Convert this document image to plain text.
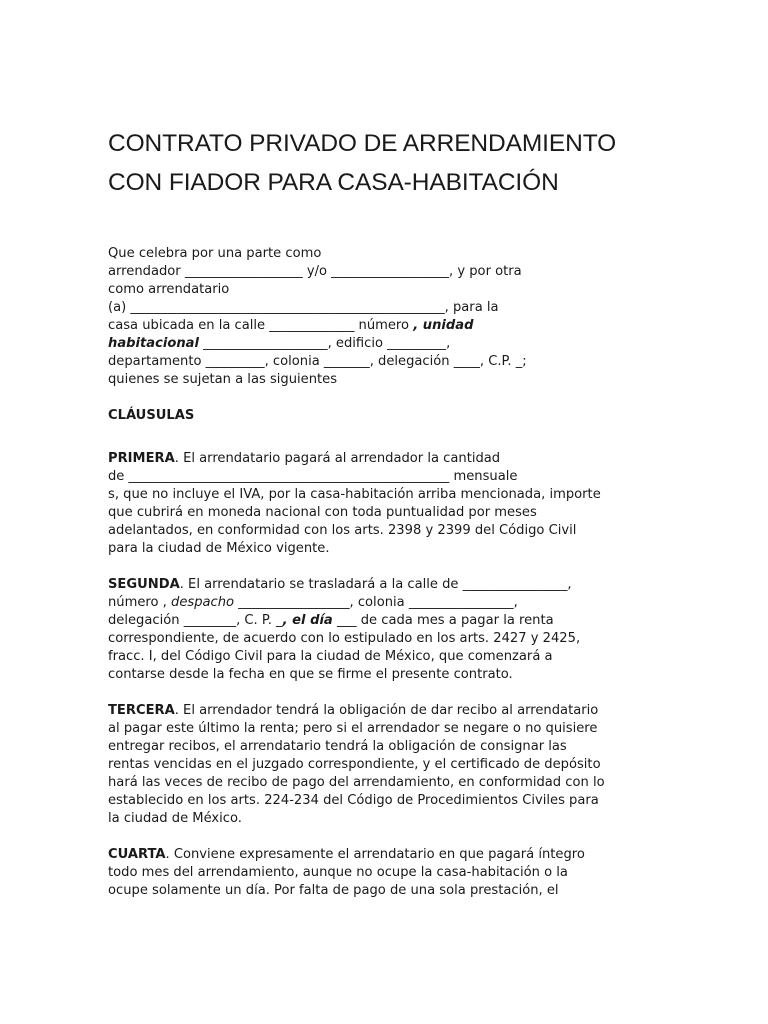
CONTRATO PRIVADO DE ARRENDAMIENTO
CON FIADOR PARA CASA-HABITACIÓN
Que celebra por una parte como
arrendador __________________ y/o __________________, y por otra
como arrendatario
(a) ________________________________________________, para la
casa ubicada en la calle _____________ número , unidad
habitacional ___________________, edificio _________,
departamento _________, colonia _______, delegación ____, C.P. _;
quienes se sujetan a las siguientes
CLÁUSULAS
PRIMERA. El arrendatario pagará al arrendador la cantidad
de _________________________________________________ mensuale
s, que no incluye el IVA, por la casa-habitación arriba mencionada, importe
que cubrirá en moneda nacional con toda puntualidad por meses
adelantados, en conformidad con los arts. 2398 y 2399 del Código Civil
para la ciudad de México vigente.
SEGUNDA. El arrendatario se trasladará a la calle de ________________,
número , despacho _________________, colonia ________________,
delegación ________, C. P. _, el día ___ de cada mes a pagar la renta
correspondiente, de acuerdo con lo estipulado en los arts. 2427 y 2425,
fracc. I, del Código Civil para la ciudad de México, que comenzará a
contarse desde la fecha en que se firme el presente contrato.
TERCERA. El arrendador tendrá la obligación de dar recibo al arrendatario
al pagar este último la renta; pero si el arrendador se negare o no quisiere
entregar recibos, el arrendatario tendrá la obligación de consignar las
rentas vencidas en el juzgado correspondiente, y el certificado de depósito
hará las veces de recibo de pago del arrendamiento, en conformidad con lo
establecido en los arts. 224-234 del Código de Procedimientos Civiles para
la ciudad de México.
CUARTA. Conviene expresamente el arrendatario en que pagará íntegro
todo mes del arrendamiento, aunque no ocupe la casa-habitación o la
ocupe solamente un día. Por falta de pago de una sola prestación, el
